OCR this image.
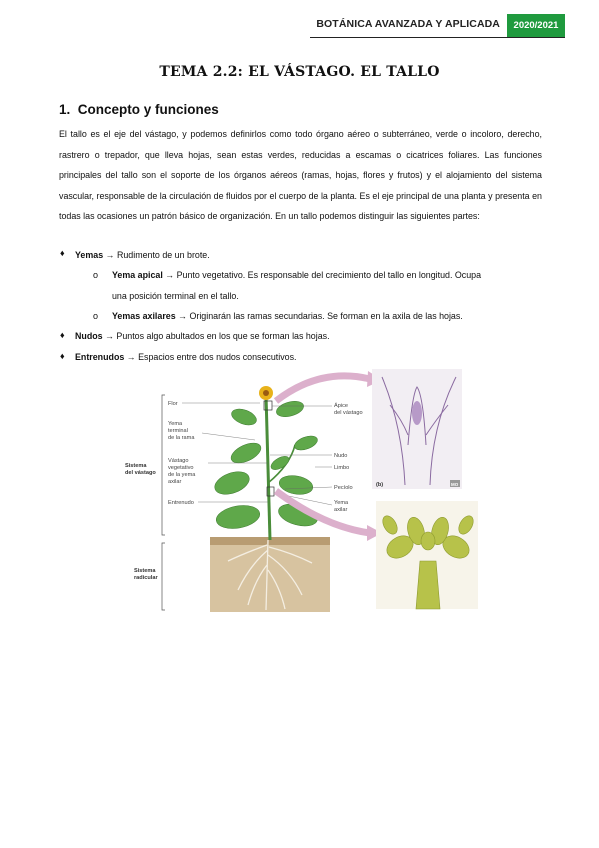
BOTÁNICA AVANZADA Y APLICADA	2020/2021
TEMA 2.2: EL VÁSTAGO. EL TALLO
1. Concepto y funciones
El tallo es el eje del vástago, y podemos definirlos como todo órgano aéreo o subterráneo, verde o incoloro, derecho, rastrero o trepador, que lleva hojas, sean estas verdes, reducidas a escamas o cicatrices foliares. Las funciones principales del tallo son el soporte de los órganos aéreos (ramas, hojas, flores y frutos) y el alojamiento del sistema vascular, responsable de la circulación de fluidos por el cuerpo de la planta. Es el eje principal de una planta y presenta en todas las ocasiones un patrón básico de organización. En un tallo podemos distinguir las siguientes partes:
♦ Yemas → Rudimento de un brote.
o Yema apical → Punto vegetativo. Es responsable del crecimiento del tallo en longitud. Ocupa
una posición terminal en el tallo.
o Yemas axilares → Originarán las ramas secundarias. Se forman en la axila de las hojas.
♦ Nudos → Puntos algo abultados en los que se forman las hojas.
♦ Entrenudos → Espacios entre dos nudos consecutivos.
Sistema
del vástago
Sistema
radicular
Flor
Yema
terminal
de la rama
Vástago
vegetativo
de la yema
axilar
Entrenudo
Ápice
del vástago
Nudo
Limbo
Pecíolo
Yema
axilar
(b)	MO
